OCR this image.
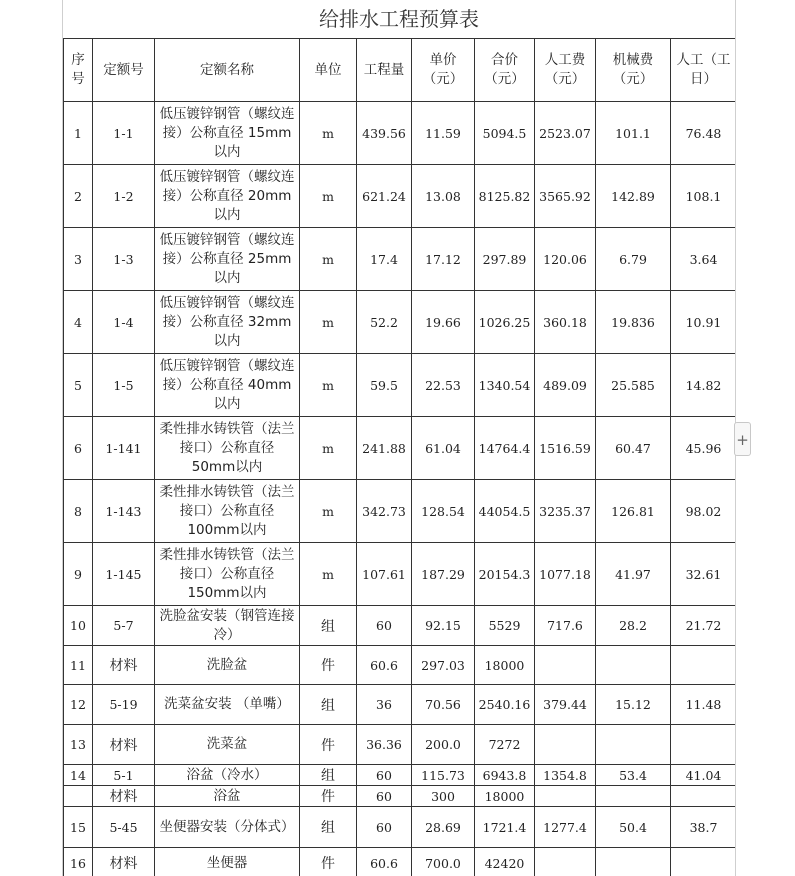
给排水工程预算表
序号	定额号	定额名称	单位	工程量	单价（元）	合价（元）	人工费（元）	机械费（元）	人工（工日）
1	1-1	低压镀锌钢管（螺纹连接）公称直径 15mm以内	m	439.56	11.59	5094.5	2523.07	101.1	76.48
2	1-2	低压镀锌钢管（螺纹连接）公称直径 20mm以内	m	621.24	13.08	8125.82	3565.92	142.89	108.1
3	1-3	低压镀锌钢管（螺纹连接）公称直径 25mm以内	m	17.4	17.12	297.89	120.06	6.79	3.64
4	1-4	低压镀锌钢管（螺纹连接）公称直径 32mm以内	m	52.2	19.66	1026.25	360.18	19.836	10.91
5	1-5	低压镀锌钢管（螺纹连接）公称直径 40mm以内	m	59.5	22.53	1340.54	489.09	25.585	14.82
6	1-141	柔性排水铸铁管（法兰接口）公称直径 50mm以内	m	241.88	61.04	14764.4	1516.59	60.47	45.96
8	1-143	柔性排水铸铁管（法兰接口）公称直径100mm以内	m	342.73	128.54	44054.5	3235.37	126.81	98.02
9	1-145	柔性排水铸铁管（法兰接口）公称直径150mm以内	m	107.61	187.29	20154.3	1077.18	41.97	32.61
10	5-7	洗脸盆安装（钢管连接冷）	组	60	92.15	5529	717.6	28.2	21.72
11	材料	洗脸盆	件	60.6	297.03	18000			
12	5-19	洗菜盆安装 （单嘴）	组	36	70.56	2540.16	379.44	15.12	11.48
13	材料	洗菜盆	件	36.36	200.0	7272			
14	5-1	浴盆（冷水）	组	60	115.73	6943.8	1354.8	53.4	41.04
	材料	浴盆	件	60	300	18000			
15	5-45	坐便器安装（分体式）	组	60	28.69	1721.4	1277.4	50.4	38.7
16	材料	坐便器	件	60.6	700.0	42420			
+
